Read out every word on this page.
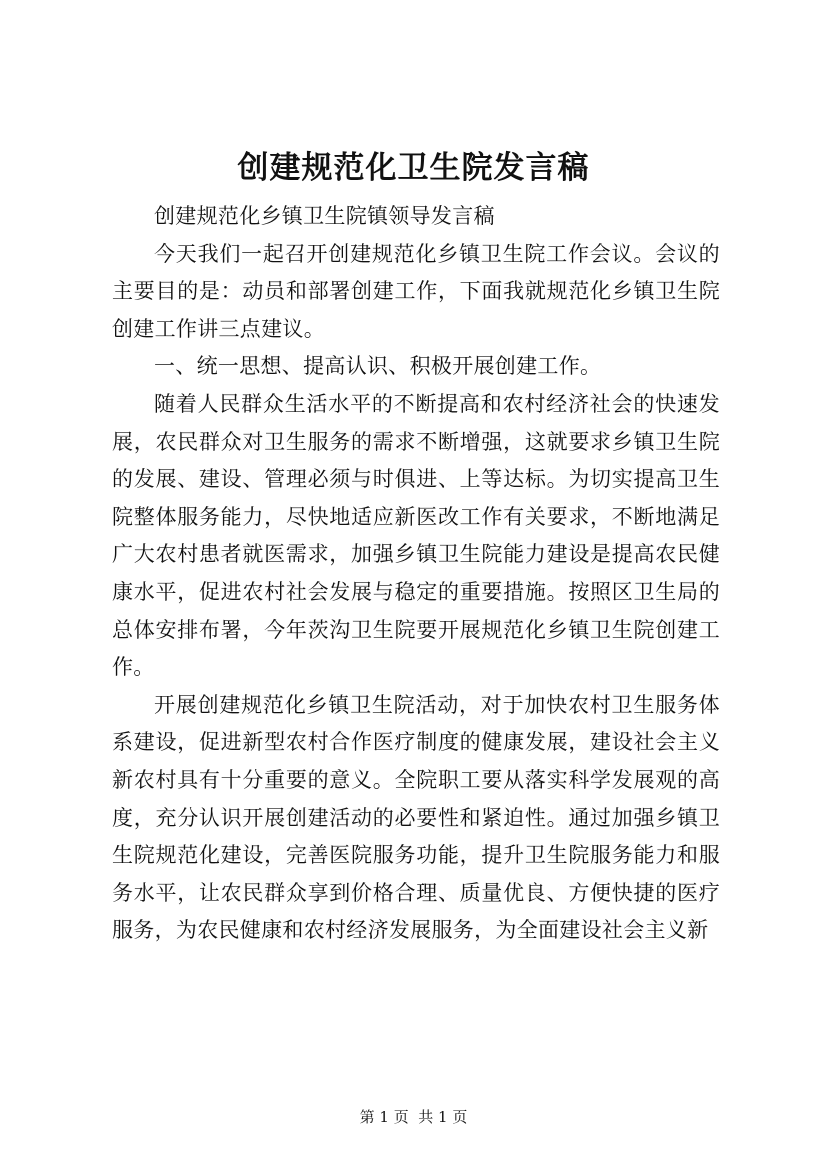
创建规范化卫生院发言稿

创建规范化乡镇卫生院镇领导发言稿

今天我们一起召开创建规范化乡镇卫生院工作会议。会议的主要目的是：动员和部署创建工作，下面我就规范化乡镇卫生院创建工作讲三点建议。

一、统一思想、提高认识、积极开展创建工作。

随着人民群众生活水平的不断提高和农村经济社会的快速发展，农民群众对卫生服务的需求不断增强，这就要求乡镇卫生院的发展、建设、管理必须与时俱进、上等达标。为切实提高卫生院整体服务能力，尽快地适应新医改工作有关要求，不断地满足广大农村患者就医需求，加强乡镇卫生院能力建设是提高农民健康水平，促进农村社会发展与稳定的重要措施。按照区卫生局的总体安排布署，今年茨沟卫生院要开展规范化乡镇卫生院创建工作。

开展创建规范化乡镇卫生院活动，对于加快农村卫生服务体系建设，促进新型农村合作医疗制度的健康发展，建设社会主义新农村具有十分重要的意义。全院职工要从落实科学发展观的高度，充分认识开展创建活动的必要性和紧迫性。通过加强乡镇卫生院规范化建设，完善医院服务功能，提升卫生院服务能力和服务水平，让农民群众享到价格合理、质量优良、方便快捷的医疗服务，为农民健康和农村经济发展服务，为全面建设社会主义新

第 1 页  共 1 页
